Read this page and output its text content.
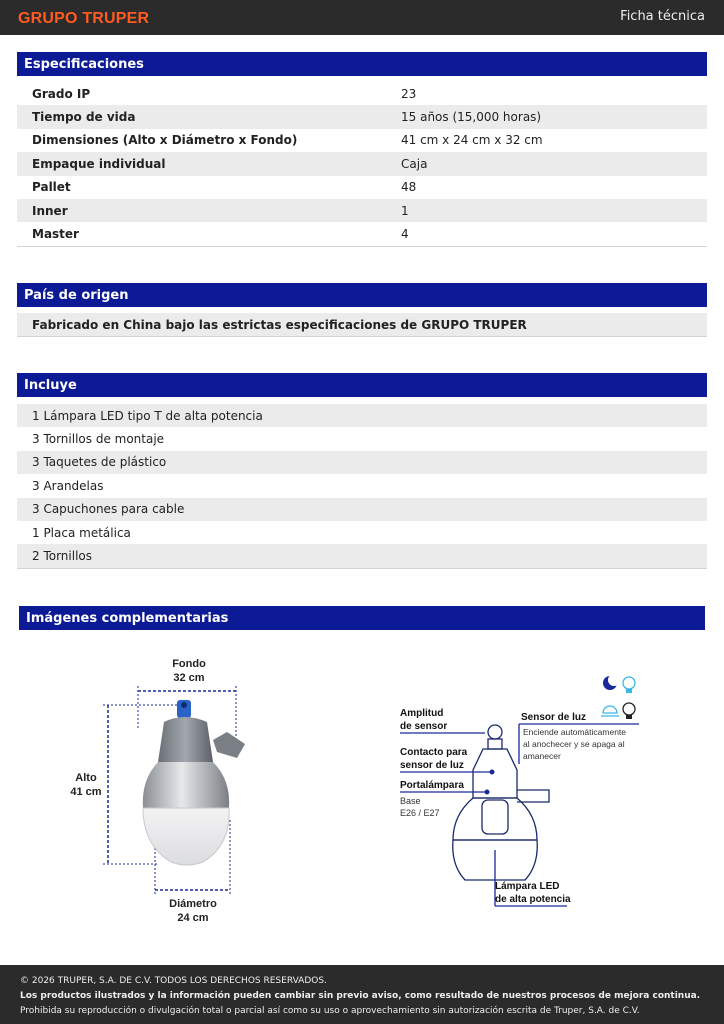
GRUPO TRUPER	Ficha técnica
Especificaciones
Grado IP	23
Tiempo de vida	15 años (15,000 horas)
Dimensiones (Alto x Diámetro x Fondo)	41 cm x 24 cm x 32 cm
Empaque individual	Caja
Pallet	48
Inner	1
Master	4
País de origen
Fabricado en China bajo las estrictas especificaciones de GRUPO TRUPER
Incluye
1 Lámpara LED tipo T de alta potencia
3 Tornillos de montaje
3 Taquetes de plástico
3 Arandelas
3 Capuchones para cable
1 Placa metálica
2 Tornillos
Imágenes complementarias
Fondo
32 cm
Alto
41 cm
Diámetro
24 cm
Amplitud
de sensor
Contacto para
sensor de luz
Portalámpara
Base
E26 / E27
Lámpara LED
de alta potencia
Sensor de luz
Enciende automáticamente
al anochecer y se apaga al
amanecer
© 2026 TRUPER, S.A. DE C.V. TODOS LOS DERECHOS RESERVADOS.
Los productos ilustrados y la información pueden cambiar sin previo aviso, como resultado de nuestros procesos de mejora continua.
Prohibida su reproducción o divulgación total o parcial así como su uso o aprovechamiento sin autorización escrita de Truper, S.A. de C.V.
